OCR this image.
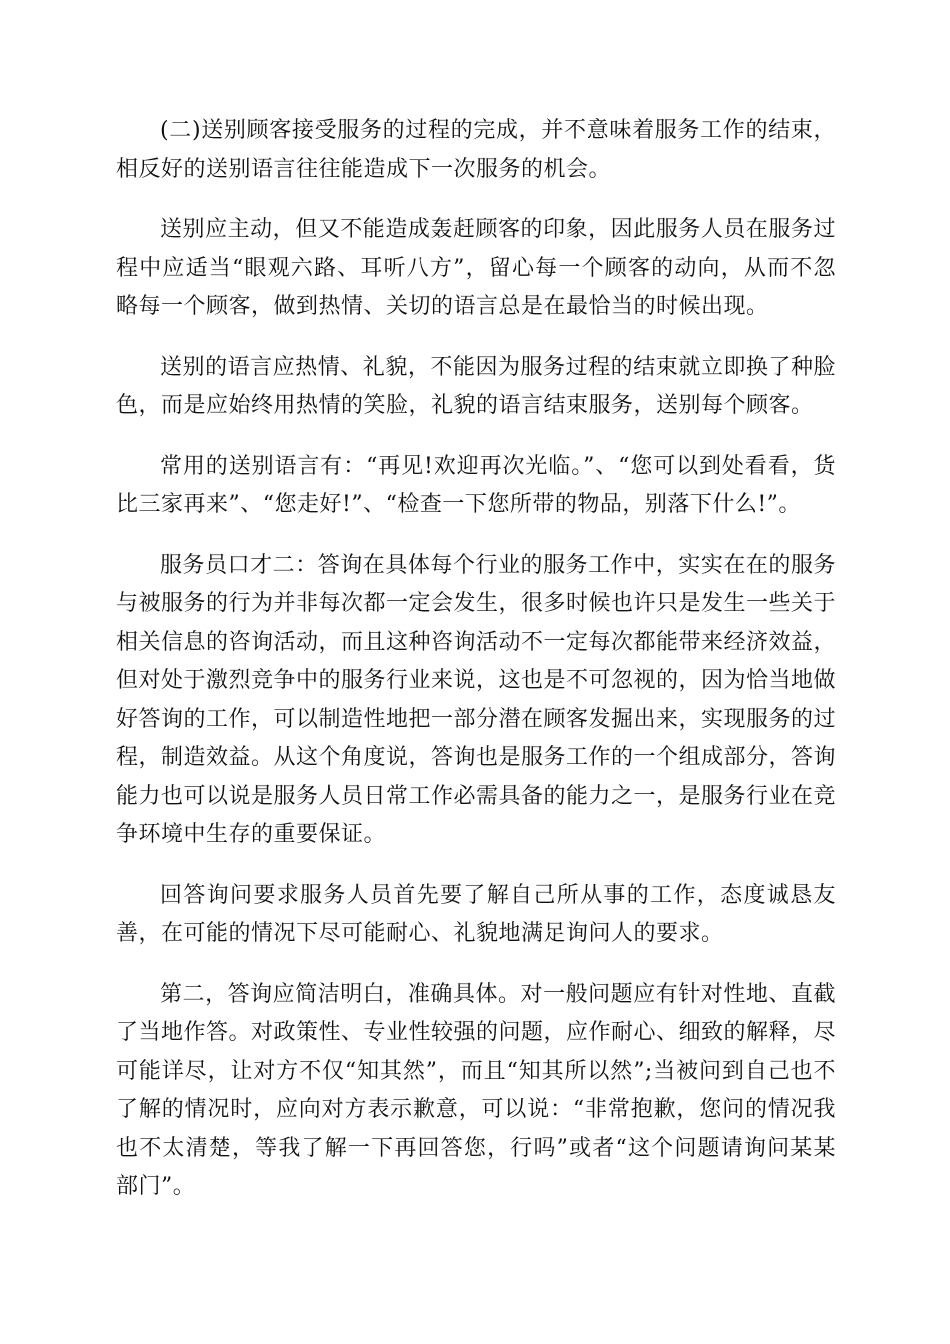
(二)送别顾客接受服务的过程的完成，并不意味着服务工作的结束，相反好的送别语言往往能造成下一次服务的机会。

送别应主动，但又不能造成轰赶顾客的印象，因此服务人员在服务过程中应适当“眼观六路、耳听八方”，留心每一个顾客的动向，从而不忽略每一个顾客，做到热情、关切的语言总是在最恰当的时候出现。

送别的语言应热情、礼貌，不能因为服务过程的结束就立即换了种脸色，而是应始终用热情的笑脸，礼貌的语言结束服务，送别每个顾客。

常用的送别语言有：“再见!欢迎再次光临。”、“您可以到处看看，货比三家再来”、“您走好!”、“检查一下您所带的物品，别落下什么!”。

服务员口才二：答询在具体每个行业的服务工作中，实实在在的服务与被服务的行为并非每次都一定会发生，很多时候也许只是发生一些关于相关信息的咨询活动，而且这种咨询活动不一定每次都能带来经济效益，但对处于激烈竞争中的服务行业来说，这也是不可忽视的，因为恰当地做好答询的工作，可以制造性地把一部分潜在顾客发掘出来，实现服务的过程，制造效益。从这个角度说，答询也是服务工作的一个组成部分，答询能力也可以说是服务人员日常工作必需具备的能力之一，是服务行业在竞争环境中生存的重要保证。

回答询问要求服务人员首先要了解自己所从事的工作，态度诚恳友善，在可能的情况下尽可能耐心、礼貌地满足询问人的要求。

第二，答询应简洁明白，准确具体。对一般问题应有针对性地、直截了当地作答。对政策性、专业性较强的问题，应作耐心、细致的解释，尽可能详尽，让对方不仅“知其然”，而且“知其所以然”;当被问到自己也不了解的情况时，应向对方表示歉意，可以说：“非常抱歉，您问的情况我也不太清楚，等我了解一下再回答您，行吗”或者“这个问题请询问某某部门”。
